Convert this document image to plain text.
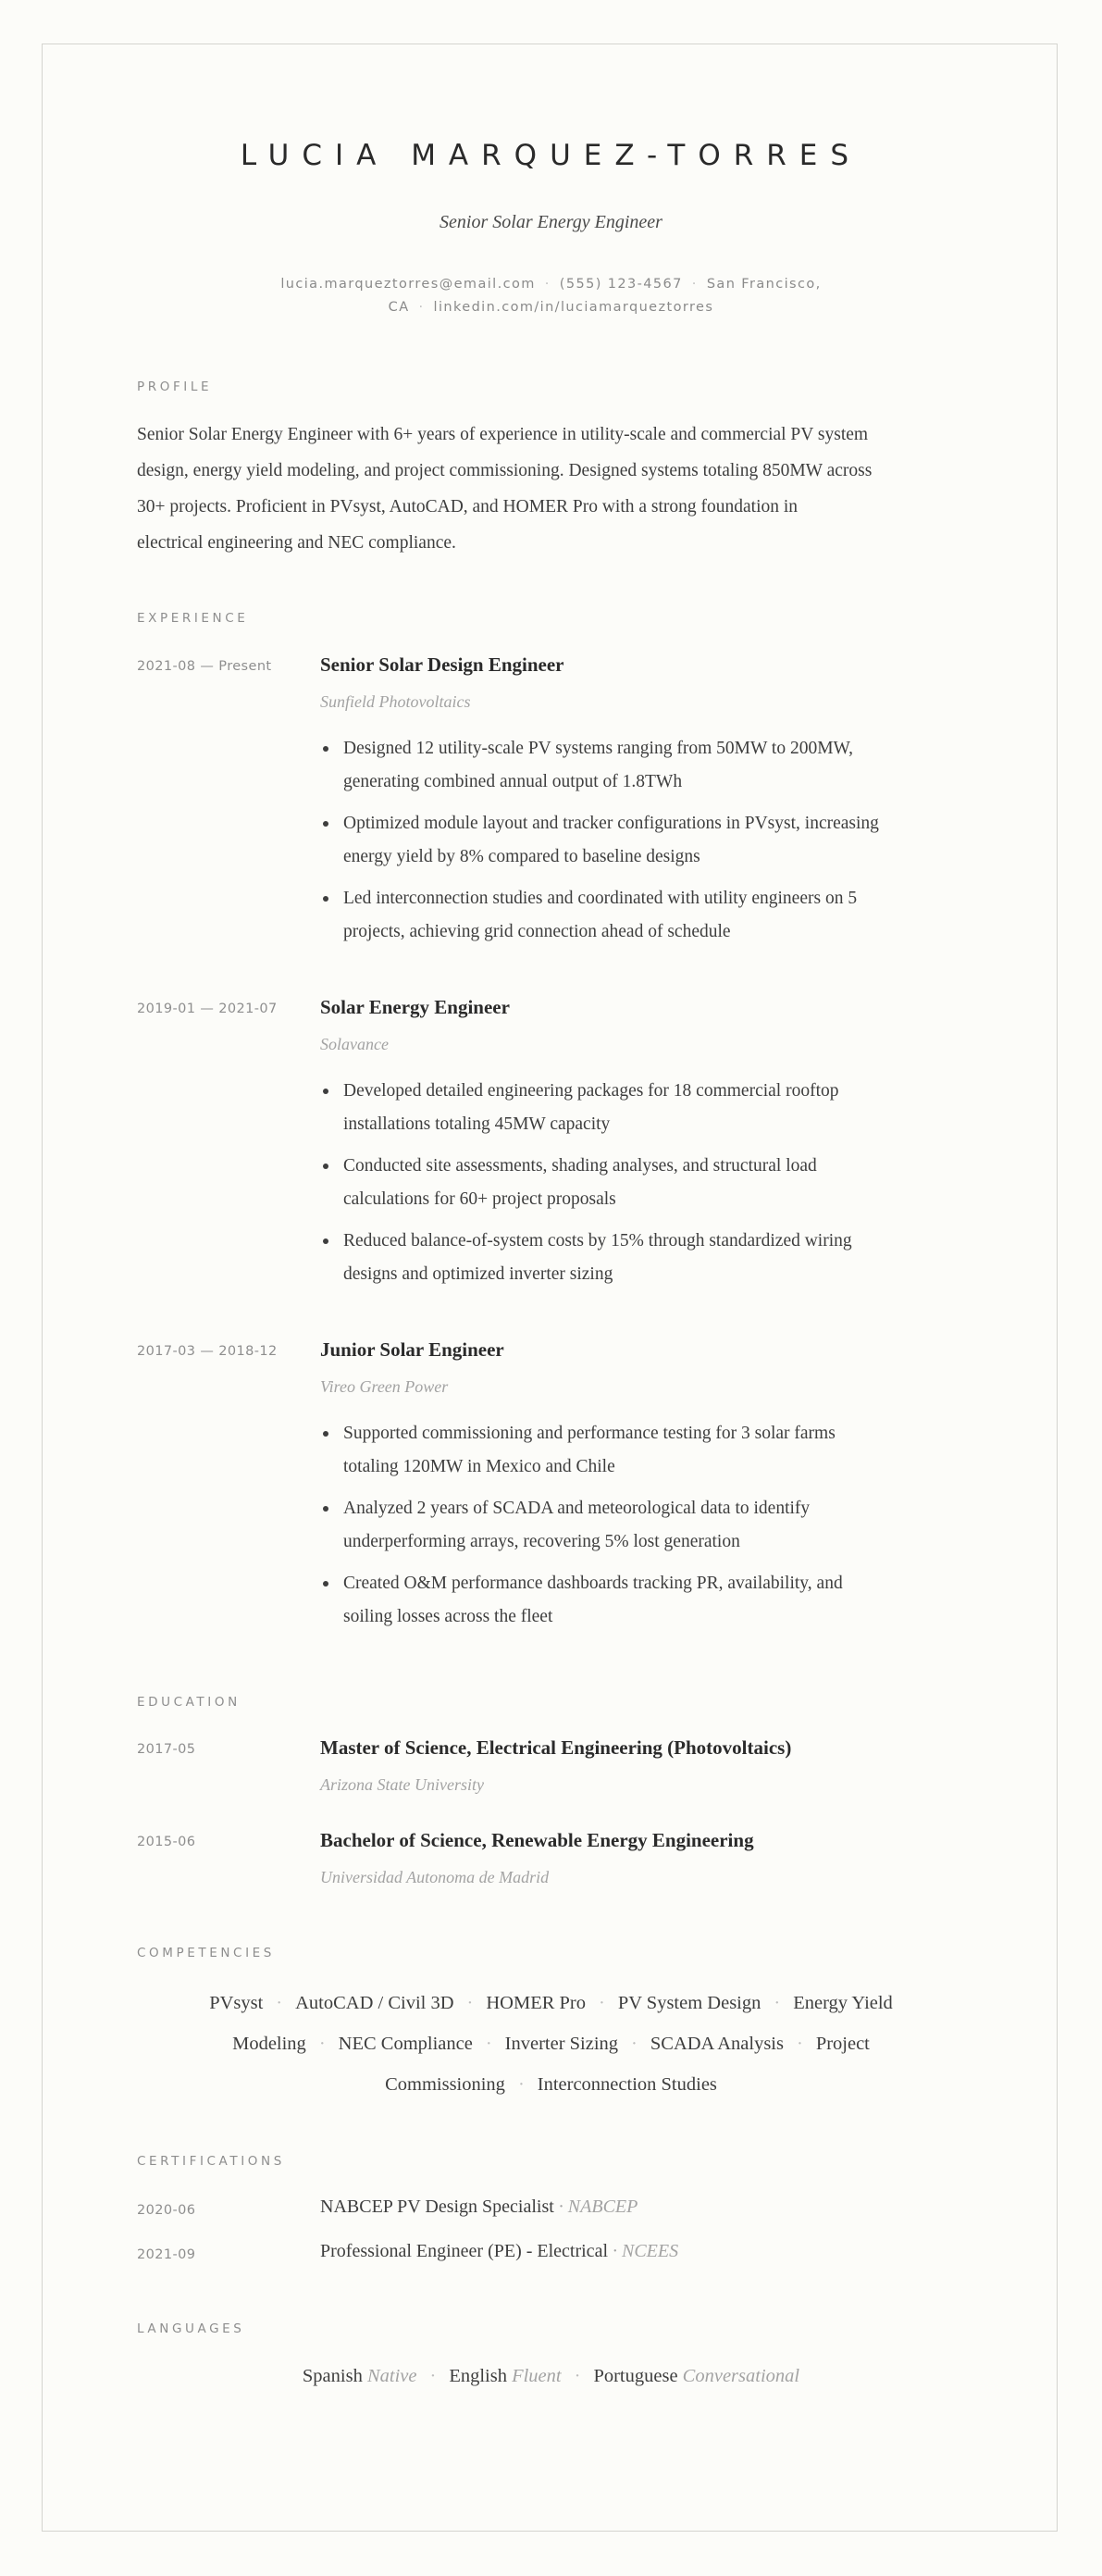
LUCIA MARQUEZ-TORRES
Senior Solar Energy Engineer
lucia.marqueztorres@email.com · (555) 123-4567 · San Francisco,
CA · linkedin.com/in/luciamarqueztorres
PROFILE
Senior Solar Energy Engineer with 6+ years of experience in utility-scale and commercial PV system
design, energy yield modeling, and project commissioning. Designed systems totaling 850MW across
30+ projects. Proficient in PVsyst, AutoCAD, and HOMER Pro with a strong foundation in
electrical engineering and NEC compliance.
EXPERIENCE
2021-08 — Present Senior Solar Design Engineer
Sunfield Photovoltaics
Designed 12 utility-scale PV systems ranging from 50MW to 200MW,
generating combined annual output of 1.8TWh
Optimized module layout and tracker configurations in PVsyst, increasing
energy yield by 8% compared to baseline designs
Led interconnection studies and coordinated with utility engineers on 5
projects, achieving grid connection ahead of schedule
2019-01 — 2021-07 Solar Energy Engineer
Solavance
Developed detailed engineering packages for 18 commercial rooftop
installations totaling 45MW capacity
Conducted site assessments, shading analyses, and structural load
calculations for 60+ project proposals
Reduced balance-of-system costs by 15% through standardized wiring
designs and optimized inverter sizing
2017-03 — 2018-12 Junior Solar Engineer
Vireo Green Power
Supported commissioning and performance testing for 3 solar farms
totaling 120MW in Mexico and Chile
Analyzed 2 years of SCADA and meteorological data to identify
underperforming arrays, recovering 5% lost generation
Created O&M performance dashboards tracking PR, availability, and
soiling losses across the fleet
EDUCATION
2017-05	Master of Science, Electrical Engineering (Photovoltaics)
Arizona State University
2015-06	Bachelor of Science, Renewable Energy Engineering
Universidad Autonoma de Madrid
COMPETENCIES
PVsyst · AutoCAD / Civil 3D · HOMER Pro · PV System Design · Energy Yield
Modeling · NEC Compliance · Inverter Sizing · SCADA Analysis · Project
Commissioning · Interconnection Studies
CERTIFICATIONS
2020-06	NABCEP PV Design Specialist · NABCEP
2021-09	Professional Engineer (PE) - Electrical · NCEES
LANGUAGES
Spanish Native · English Fluent · Portuguese Conversational
